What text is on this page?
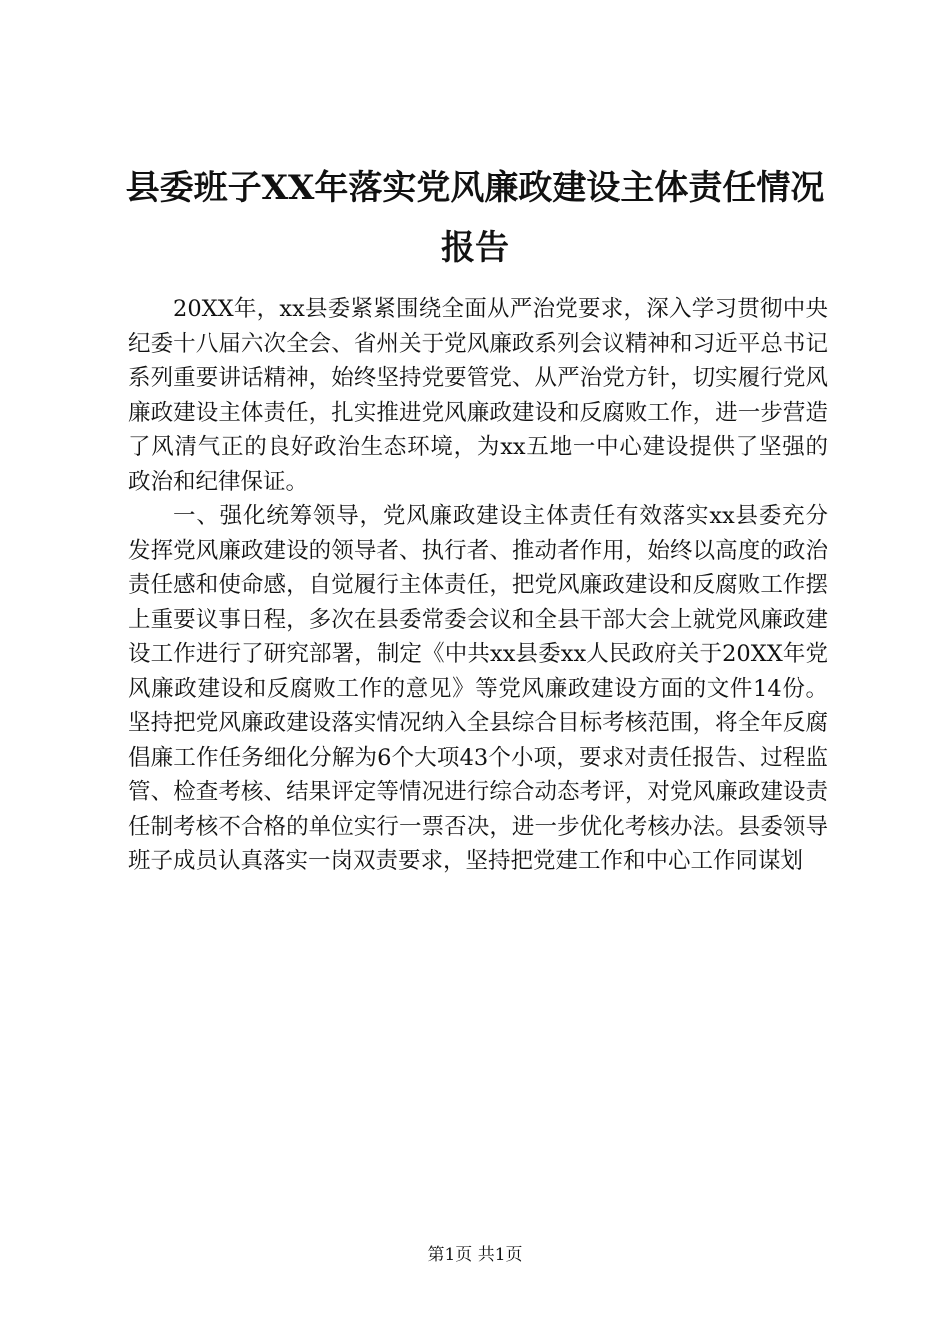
县委班子XX年落实党风廉政建设主体责任情况报告

20XX年，xx县委紧紧围绕全面从严治党要求，深入学习贯彻中央纪委十八届六次全会、省州关于党风廉政系列会议精神和习近平总书记系列重要讲话精神，始终坚持党要管党、从严治党方针，切实履行党风廉政建设主体责任，扎实推进党风廉政建设和反腐败工作，进一步营造了风清气正的良好政治生态环境，为xx五地一中心建设提供了坚强的政治和纪律保证。

一、强化统筹领导，党风廉政建设主体责任有效落实xx县委充分发挥党风廉政建设的领导者、执行者、推动者作用，始终以高度的政治责任感和使命感，自觉履行主体责任，把党风廉政建设和反腐败工作摆上重要议事日程，多次在县委常委会议和全县干部大会上就党风廉政建设工作进行了研究部署，制定《中共xx县委xx人民政府关于20XX年党风廉政建设和反腐败工作的意见》等党风廉政建设方面的文件14份。坚持把党风廉政建设落实情况纳入全县综合目标考核范围，将全年反腐倡廉工作任务细化分解为6个大项43个小项，要求对责任报告、过程监管、检查考核、结果评定等情况进行综合动态考评，对党风廉政建设责任制考核不合格的单位实行一票否决，进一步优化考核办法。县委领导班子成员认真落实一岗双责要求，坚持把党建工作和中心工作同谋划

第1页 共1页
